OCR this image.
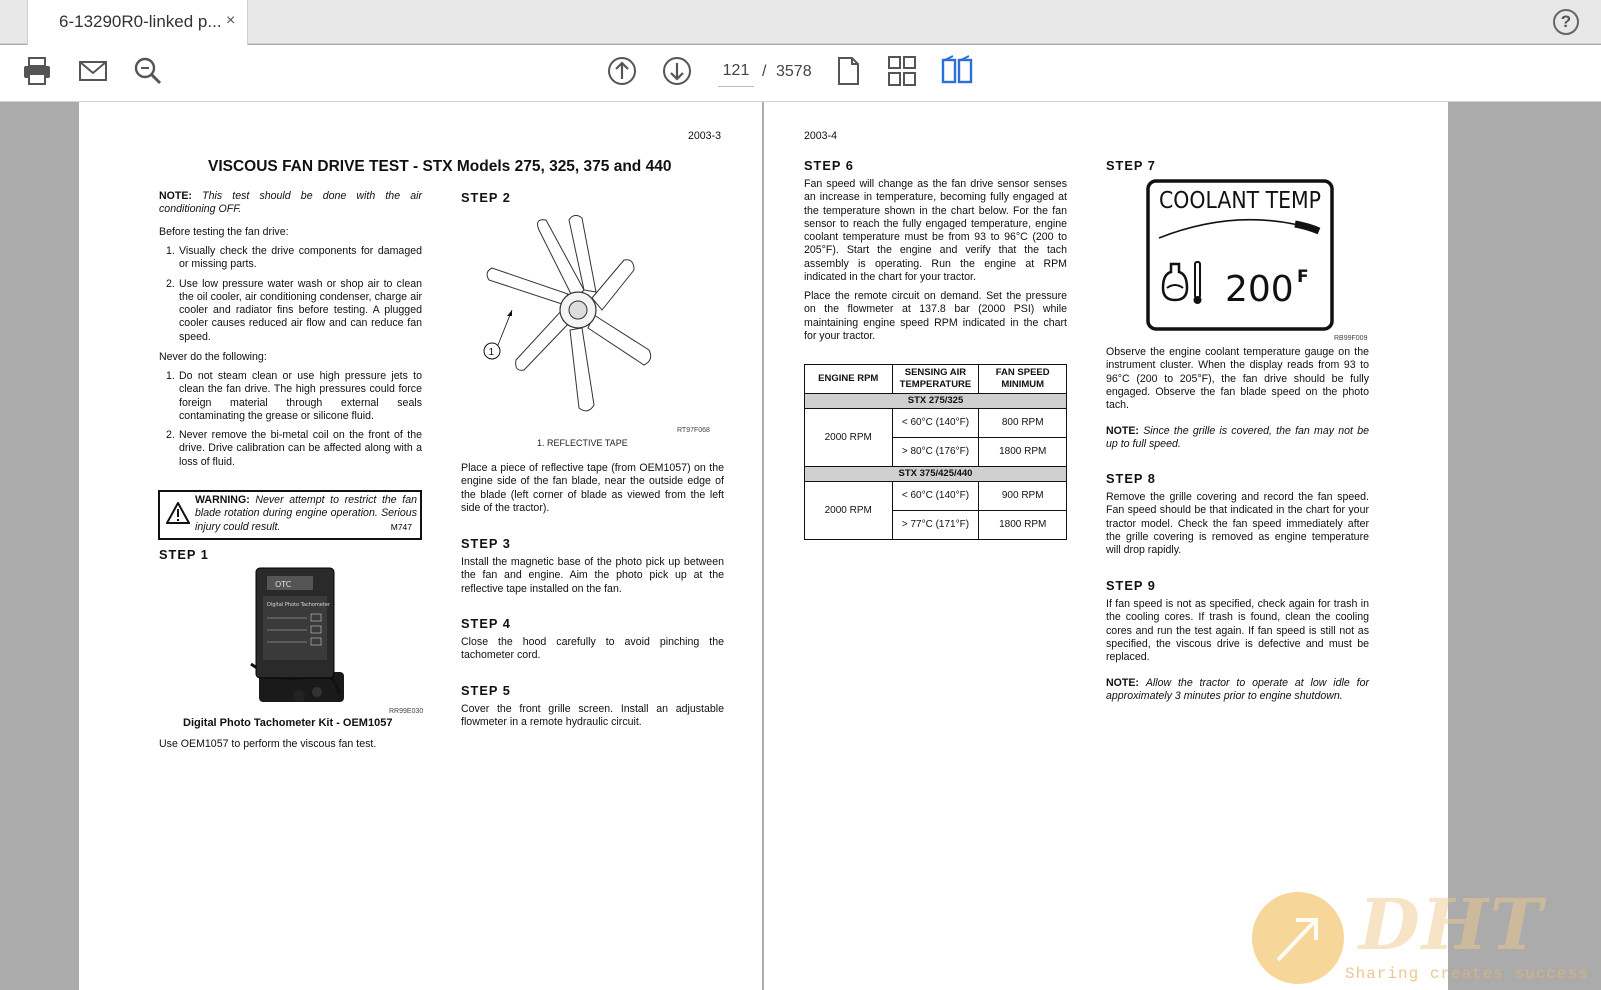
6-13290R0-linked p... ×	?
121 / 3578
2003-3
VISCOUS FAN DRIVE TEST - STX Models 275, 325, 375 and 440
NOTE: This test should be done with the air conditioning OFF.
Before testing the fan drive:
1. Visually check the drive components for damaged or missing parts.
2. Use low pressure water wash or shop air to clean the oil cooler, air conditioning condenser, charge air cooler and radiator fins before testing. A plugged cooler causes reduced air flow and can reduce fan speed.
Never do the following:
1. Do not steam clean or use high pressure jets to clean the fan drive. The high pressures could force foreign material through external seals contaminating the grease or silicone fluid.
2. Never remove the bi-metal coil on the front of the drive. Drive calibration can be affected along with a loss of fluid.
WARNING: Never attempt to restrict the fan blade rotation during engine operation. Serious injury could result.	M747
STEP 1
OTC
Digital Photo Tachometer
RR99E030
Digital Photo Tachometer Kit - OEM1057
Use OEM1057 to perform the viscous fan test.
STEP 2
1
RT97F068
1. REFLECTIVE TAPE
Place a piece of reflective tape (from OEM1057) on the engine side of the fan blade, near the outside edge of the blade (left corner of blade as viewed from the left side of the tractor).
STEP 3
Install the magnetic base of the photo pick up between the fan and engine. Aim the photo pick up at the reflective tape installed on the fan.
STEP 4
Close the hood carefully to avoid pinching the tachometer cord.
STEP 5
Cover the front grille screen. Install an adjustable flowmeter in a remote hydraulic circuit.
2003-4
STEP 6
Fan speed will change as the fan drive sensor senses an increase in temperature, becoming fully engaged at the temperature shown in the chart below. For the fan sensor to reach the fully engaged temperature, engine coolant temperature must be from 93 to 96°C (200 to 205°F). Start the engine and verify that the tach assembly is operating. Run the engine at RPM indicated in the chart for your tractor.
Place the remote circuit on demand. Set the pressure on the flowmeter at 137.8 bar (2000 PSI) while maintaining engine speed RPM indicated in the chart for your tractor.
ENGINE RPM	SENSING AIR TEMPERATURE	FAN SPEED MINIMUM
STX 275/325		
2000 RPM	< 60°C (140°F)	800 RPM
	> 80°C (176°F)	1800 RPM
STX 375/425/440		
2000 RPM	< 60°C (140°F)	900 RPM
	> 77°C (171°F)	1800 RPM
STEP 7
COOLANT TEMP
200 F
RB99F009
Observe the engine coolant temperature gauge on the instrument cluster. When the display reads from 93 to 96°C (200 to 205°F), the fan drive should be fully engaged. Observe the fan blade speed on the photo tach.
NOTE: Since the grille is covered, the fan may not be up to full speed.
STEP 8
Remove the grille covering and record the fan speed. Fan speed should be that indicated in the chart for your tractor model. Check the fan speed immediately after the grille covering is removed as engine temperature will drop rapidly.
STEP 9
If fan speed is not as specified, check again for trash in the cooling cores. If trash is found, clean the cooling cores and run the test again. If fan speed is still not as specified, the viscous drive is defective and must be replaced.
NOTE: Allow the tractor to operate at low idle for approximately 3 minutes prior to engine shutdown.
DHT
Sharing creates success
